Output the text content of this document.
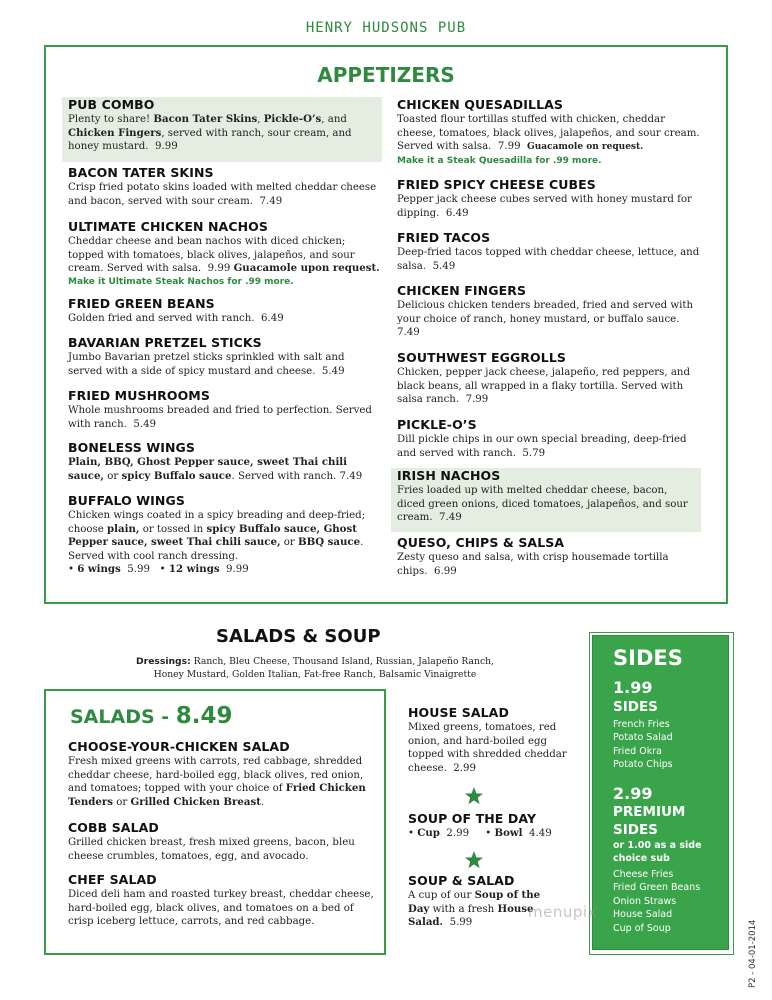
HENRY HUDSONS PUB
APPETIZERS
PUB COMBO
Plenty to share! Bacon Tater Skins, Pickle-O’s, and Chicken Fingers, served with ranch, sour cream, and honey mustard.  9.99
BACON TATER SKINS
Crisp fried potato skins loaded with melted cheddar cheese and bacon, served with sour cream.  7.49
ULTIMATE CHICKEN NACHOS
Cheddar cheese and bean nachos with diced chicken; topped with tomatoes, black olives, jalapeños, and sour cream. Served with salsa.  9.99 Guacamole upon request.
Make it Ultimate Steak Nachos for .99 more.
FRIED GREEN BEANS
Golden fried and served with ranch.  6.49
BAVARIAN PRETZEL STICKS
Jumbo Bavarian pretzel sticks sprinkled with salt and served with a side of spicy mustard and cheese.  5.49
FRIED MUSHROOMS
Whole mushrooms breaded and fried to perfection. Served with ranch.  5.49
BONELESS WINGS
Plain, BBQ, Ghost Pepper sauce, sweet Thai chili sauce, or spicy Buffalo sauce. Served with ranch. 7.49
BUFFALO WINGS
Chicken wings coated in a spicy breading and deep-fried; choose plain, or tossed in spicy Buffalo sauce, Ghost Pepper sauce, sweet Thai chili sauce, or BBQ sauce. Served with cool ranch dressing.
• 6 wings  5.99   • 12 wings  9.99
CHICKEN QUESADILLAS
Toasted flour tortillas stuffed with chicken, cheddar cheese, tomatoes, black olives, jalapeños, and sour cream. Served with salsa.  7.99  Guacamole on request.
Make it a Steak Quesadilla for .99 more.
FRIED SPICY CHEESE CUBES
Pepper jack cheese cubes served with honey mustard for dipping.  6.49
FRIED TACOS
Deep-fried tacos topped with cheddar cheese, lettuce, and salsa.  5.49
CHICKEN FINGERS
Delicious chicken tenders breaded, fried and served with your choice of ranch, honey mustard, or buffalo sauce.  7.49
SOUTHWEST EGGROLLS
Chicken, pepper jack cheese, jalapeño, red peppers, and black beans, all wrapped in a flaky tortilla. Served with salsa ranch.  7.99
PICKLE-O’S
Dill pickle chips in our own special breading, deep-fried and served with ranch.  5.79
IRISH NACHOS
Fries loaded up with melted cheddar cheese, bacon, diced green onions, diced tomatoes, jalapeños, and sour cream.  7.49
QUESO, CHIPS & SALSA
Zesty queso and salsa, with crisp housemade tortilla chips.  6.99
SALADS & SOUP
Dressings: Ranch, Bleu Cheese, Thousand Island, Russian, Jalapeño Ranch, Honey Mustard, Golden Italian, Fat-free Ranch, Balsamic Vinaigrette
SALADS - 8.49
CHOOSE-YOUR-CHICKEN SALAD
Fresh mixed greens with carrots, red cabbage, shredded cheddar cheese, hard-boiled egg, black olives, red onion, and tomatoes; topped with your choice of Fried Chicken Tenders or Grilled Chicken Breast.
COBB SALAD
Grilled chicken breast, fresh mixed greens, bacon, bleu cheese crumbles, tomatoes, egg, and avocado.
CHEF SALAD
Diced deli ham and roasted turkey breast, cheddar cheese, hard-boiled egg, black olives, and tomatoes on a bed of crisp iceberg lettuce, carrots, and red cabbage.
HOUSE SALAD
Mixed greens, tomatoes, red onion, and hard-boiled egg topped with shredded cheddar cheese.  2.99
SOUP OF THE DAY
• Cup  2.99     • Bowl  4.49
SOUP & SALAD
A cup of our Soup of the Day with a fresh House Salad.  5.99
SIDES
1.99
SIDES
French Fries
Potato Salad
Fried Okra
Potato Chips
2.99
PREMIUM
SIDES
or 1.00 as a side
choice sub
Cheese Fries
Fried Green Beans
Onion Straws
House Salad
Cup of Soup
menupix
P2 - 04-01-2014
